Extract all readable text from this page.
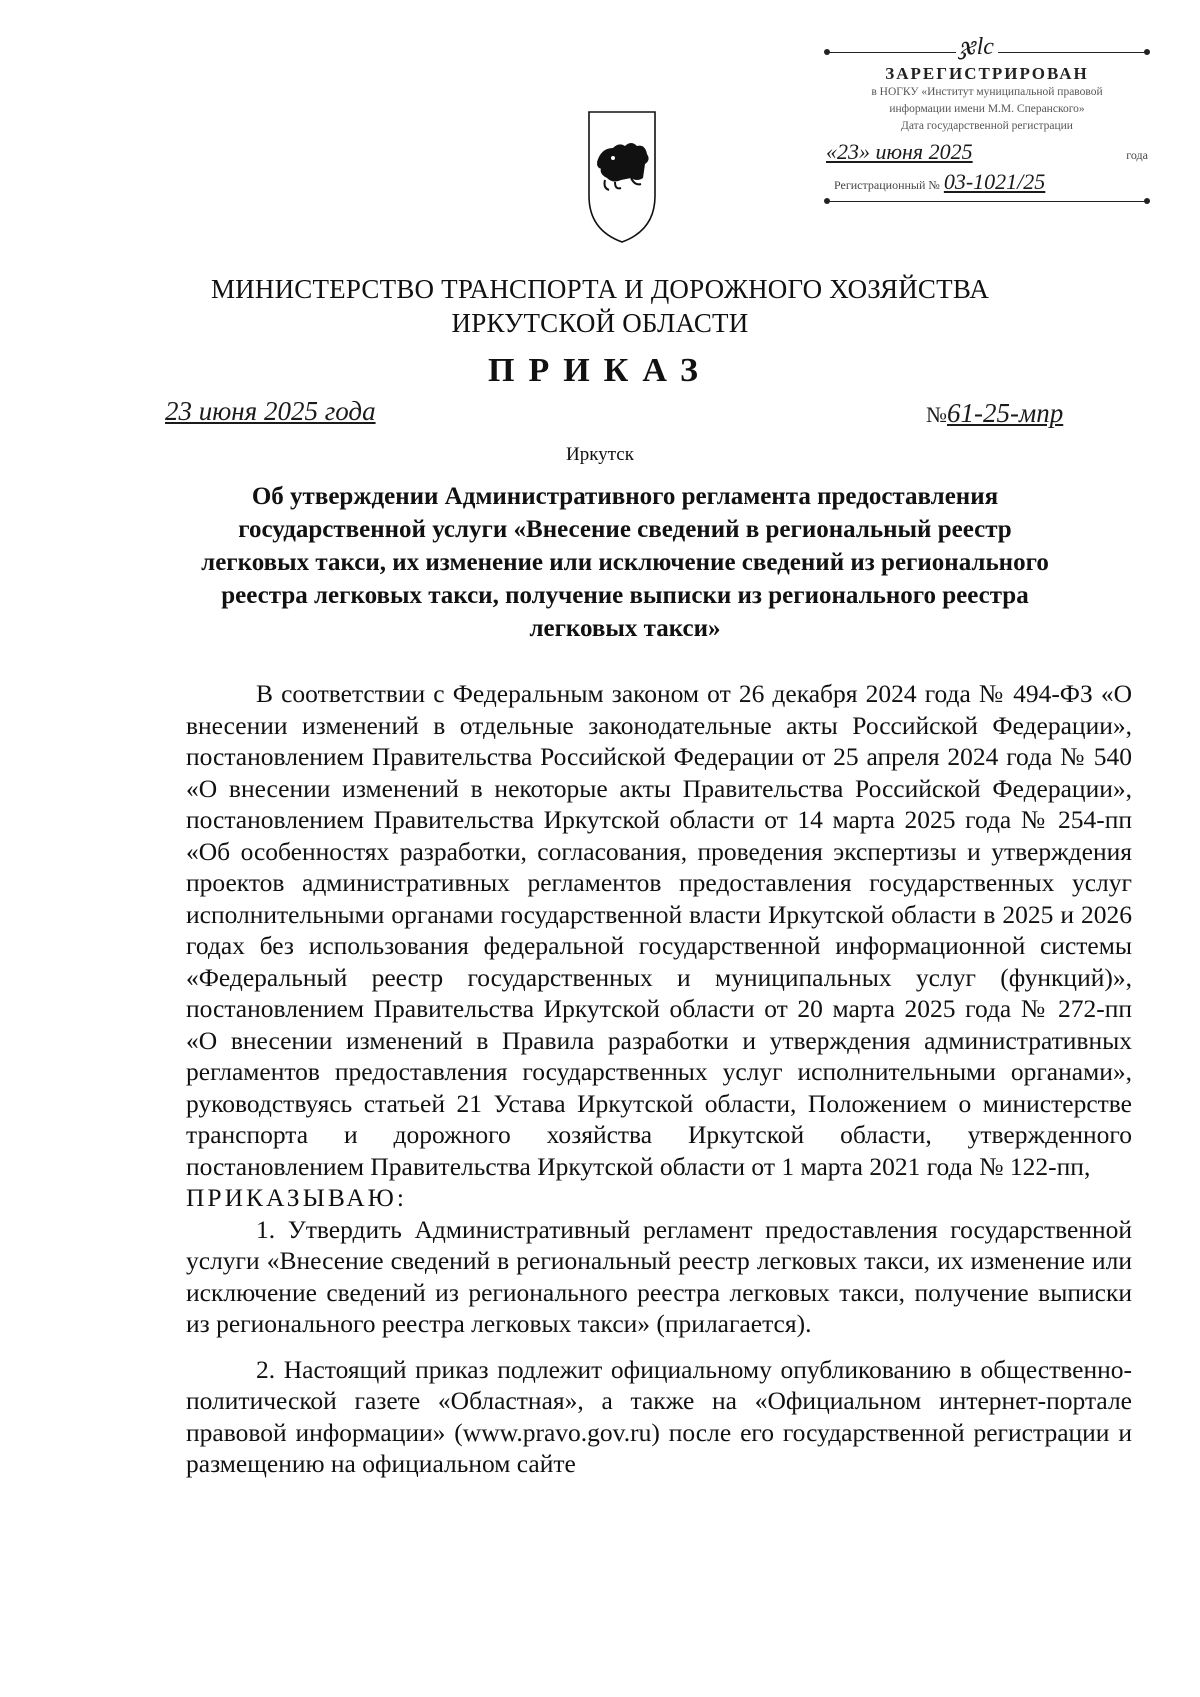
ჯlc
ЗАРЕГИСТРИРОВАН
в НОГКУ «Институт муниципальной правовой
информации имени М.М. Сперанского»
Дата государственной регистрации
«23» июня 2025	года
Регистрационный № 03-1021/25
МИНИСТЕРСТВО ТРАНСПОРТА И ДОРОЖНОГО ХОЗЯЙСТВА
ИРКУТСКОЙ ОБЛАСТИ
ПРИКАЗ
23 июня 2025 года	№61-25-мпр
Иркутск
Об утверждении Административного регламента предоставления государственной услуги «Внесение сведений в региональный реестр легковых такси, их изменение или исключение сведений из регионального реестра легковых такси, получение выписки из регионального реестра легковых такси»

В соответствии с Федеральным законом от 26 декабря 2024 года № 494-ФЗ «О внесении изменений в отдельные законодательные акты Российской Федерации», постановлением Правительства Российской Федерации от 25 апреля 2024 года № 540 «О внесении изменений в некоторые акты Правительства Российской Федерации», постановлением Правительства Иркутской области от 14 марта 2025 года № 254-пп «Об особенностях разработки, согласования, проведения экспертизы и утверждения проектов административных регламентов предоставления государственных услуг исполнительными органами государственной власти Иркутской области в 2025 и 2026 годах без использования федеральной государственной информационной системы «Федеральный реестр государственных и муниципальных услуг (функций)», постановлением Правительства Иркутской области от 20 марта 2025 года № 272-пп «О внесении изменений в Правила разработки и утверждения административных регламентов предоставления государственных услуг исполнительными органами», руководствуясь статьей 21 Устава Иркутской области, Положением о министерстве транспорта и дорожного хозяйства Иркутской области, утвержденного постановлением Правительства Иркутской области от 1 марта 2021 года № 122-пп,

ПРИКАЗЫВАЮ:

1. Утвердить Административный регламент предоставления государственной услуги «Внесение сведений в региональный реестр легковых такси, их изменение или исключение сведений из регионального реестра легковых такси, получение выписки из регионального реестра легковых такси» (прилагается).

2. Настоящий приказ подлежит официальному опубликованию в общественно-политической газете «Областная», а также на «Официальном интернет-портале правовой информации» (www.pravo.gov.ru) после его государственной регистрации и размещению на официальном сайте
